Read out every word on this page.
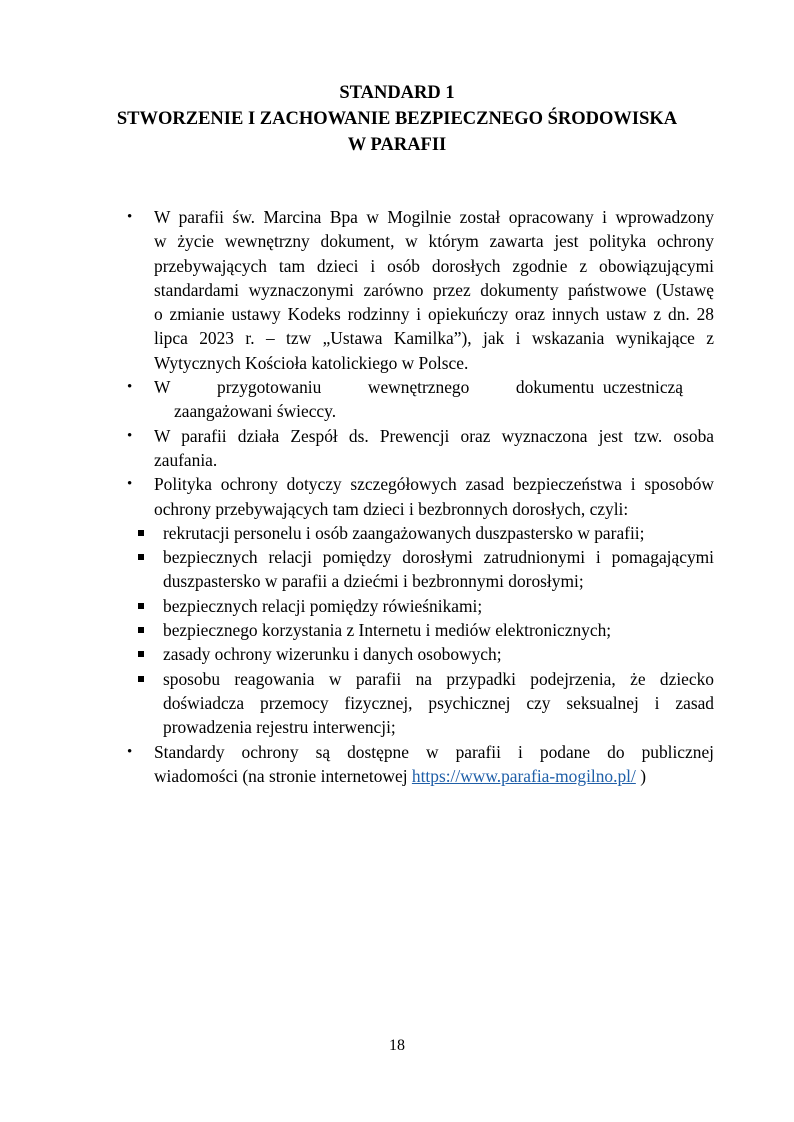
STANDARD 1
STWORZENIE I ZACHOWANIE BEZPIECZNEGO ŚRODOWISKA
W PARAFII
• W parafii św. Marcina Bpa w Mogilnie został opracowany i wprowadzony
w życie wewnętrzny dokument, w którym zawarta jest polityka ochrony
przebywających tam dzieci i osób dorosłych zgodnie z obowiązującymi
standardami wyznaczonymi zarówno przez dokumenty państwowe (Ustawę
o zmianie ustawy Kodeks rodzinny i opiekuńczy oraz innych ustaw z dn. 28
lipca 2023 r. – tzw „Ustawa Kamilka”), jak i wskazania wynikające z
Wytycznych Kościoła katolickiego w Polsce.
• W	przygotowaniu	wewnętrznego	dokumentu  uczestniczą
zaangażowani świeccy.
• W parafii działa Zespół ds. Prewencji oraz wyznaczona jest tzw. osoba
zaufania.
• Polityka ochrony dotyczy szczegółowych zasad bezpieczeństwa i sposobów
ochrony przebywających tam dzieci i bezbronnych dorosłych, czyli:
rekrutacji personelu i osób zaangażowanych duszpastersko w parafii;
bezpiecznych relacji pomiędzy dorosłymi zatrudnionymi i pomagającymi
duszpastersko w parafii a dziećmi i bezbronnymi dorosłymi;
bezpiecznych relacji pomiędzy rówieśnikami;
bezpiecznego korzystania z Internetu i mediów elektronicznych;
zasady ochrony wizerunku i danych osobowych;
sposobu reagowania w parafii na przypadki podejrzenia, że dziecko
doświadcza przemocy fizycznej, psychicznej czy seksualnej i zasad
prowadzenia rejestru interwencji;
• Standardy ochrony są dostępne w parafii i podane do publicznej
wiadomości (na stronie internetowej https://www.parafia-mogilno.pl/ )
18
